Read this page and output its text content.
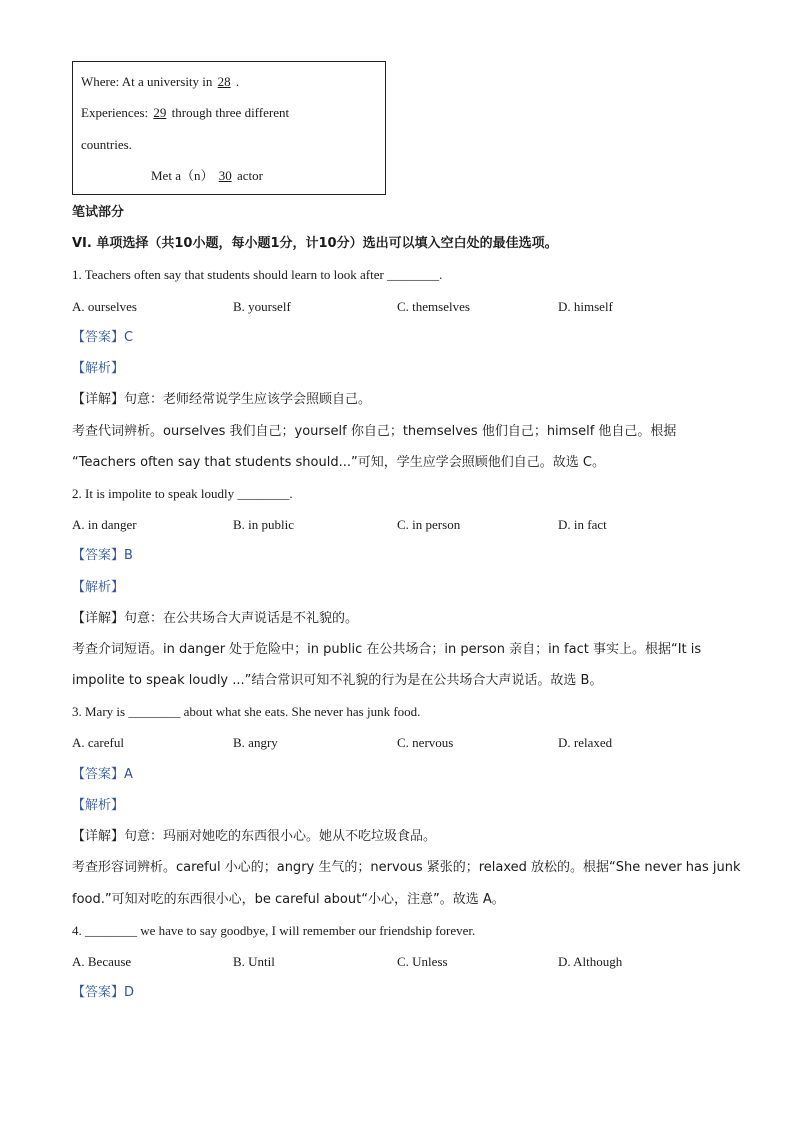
Where: At a university in 28 .
Experiences: 29 through three different
countries.
Met a（n） 30 actor
笔试部分
VI. 单项选择（共10小题，每小题1分，计10分）选出可以填入空白处的最佳选项。
1. Teachers often say that students should learn to look after ________.
A. ourselves	B. yourself	C. themselves	D. himself
【答案】C
【解析】
【详解】句意：老师经常说学生应该学会照顾自己。
考查代词辨析。ourselves 我们自己；yourself 你自己；themselves 他们自己；himself 他自己。根据
“Teachers often say that students should...”可知，学生应学会照顾他们自己。故选 C。
2. It is impolite to speak loudly ________.
A. in danger	B. in public	C. in person	D. in fact
【答案】B
【解析】
【详解】句意：在公共场合大声说话是不礼貌的。
考查介词短语。in danger 处于危险中；in public 在公共场合；in person 亲自；in fact 事实上。根据“It is
impolite to speak loudly ...”结合常识可知不礼貌的行为是在公共场合大声说话。故选 B。
3. Mary is ________ about what she eats. She never has junk food.
A. careful	B. angry	C. nervous	D. relaxed
【答案】A
【解析】
【详解】句意：玛丽对她吃的东西很小心。她从不吃垃圾食品。
考查形容词辨析。careful 小心的；angry 生气的；nervous 紧张的；relaxed 放松的。根据“She never has junk
food.”可知对吃的东西很小心，be careful about“小心，注意”。故选 A。
4. ________ we have to say goodbye, I will remember our friendship forever.
A. Because	B. Until	C. Unless	D. Although
【答案】D
